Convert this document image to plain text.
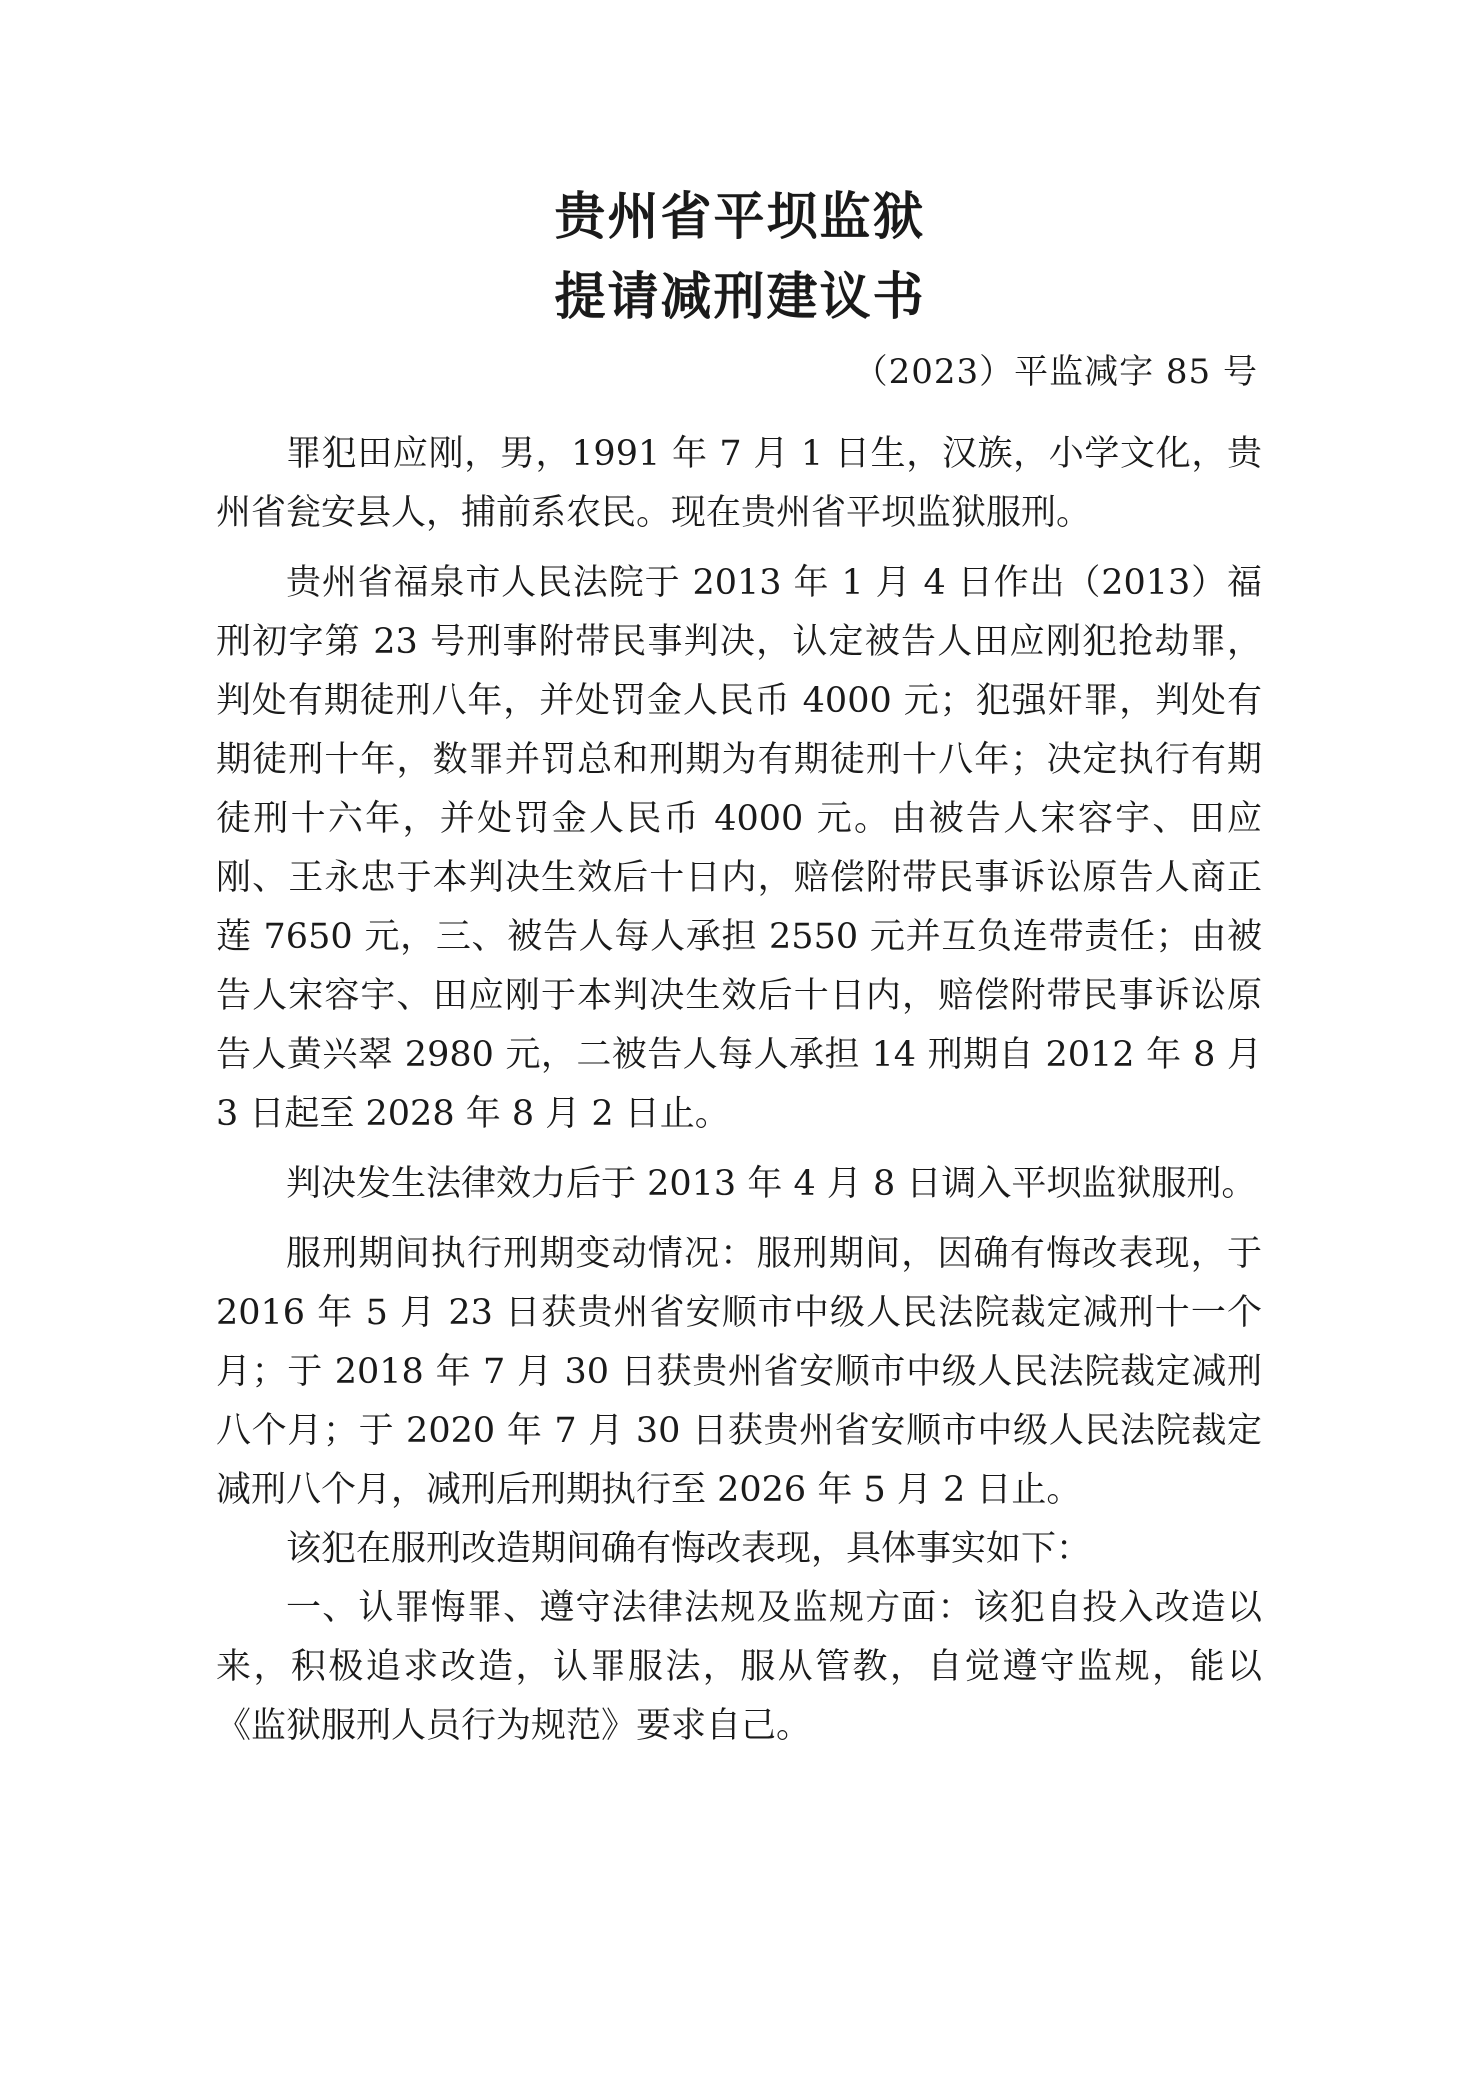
贵州省平坝监狱
提请减刑建议书
（2023）平监减字 85 号

罪犯田应刚，男，1991 年 7 月 1 日生，汉族，小学文化，贵州省瓮安县人，捕前系农民。现在贵州省平坝监狱服刑。

贵州省福泉市人民法院于 2013 年 1 月 4 日作出（2013）福刑初字第 23 号刑事附带民事判决，认定被告人田应刚犯抢劫罪，判处有期徒刑八年，并处罚金人民币 4000 元；犯强奸罪，判处有期徒刑十年，数罪并罚总和刑期为有期徒刑十八年；决定执行有期徒刑十六年，并处罚金人民币 4000 元。由被告人宋容宇、田应刚、王永忠于本判决生效后十日内，赔偿附带民事诉讼原告人商正莲 7650 元，三、被告人每人承担 2550 元并互负连带责任；由被告人宋容宇、田应刚于本判决生效后十日内，赔偿附带民事诉讼原告人黄兴翠 2980 元，二被告人每人承担 14 刑期自 2012 年 8 月 3 日起至 2028 年 8 月 2 日止。

判决发生法律效力后于 2013 年 4 月 8 日调入平坝监狱服刑。

服刑期间执行刑期变动情况：服刑期间，因确有悔改表现，于 2016 年 5 月 23 日获贵州省安顺市中级人民法院裁定减刑十一个月；于 2018 年 7 月 30 日获贵州省安顺市中级人民法院裁定减刑八个月；于 2020 年 7 月 30 日获贵州省安顺市中级人民法院裁定减刑八个月，减刑后刑期执行至 2026 年 5 月 2 日止。

该犯在服刑改造期间确有悔改表现，具体事实如下：

一、认罪悔罪、遵守法律法规及监规方面：该犯自投入改造以来，积极追求改造，认罪服法，服从管教，自觉遵守监规，能以《监狱服刑人员行为规范》要求自己。
